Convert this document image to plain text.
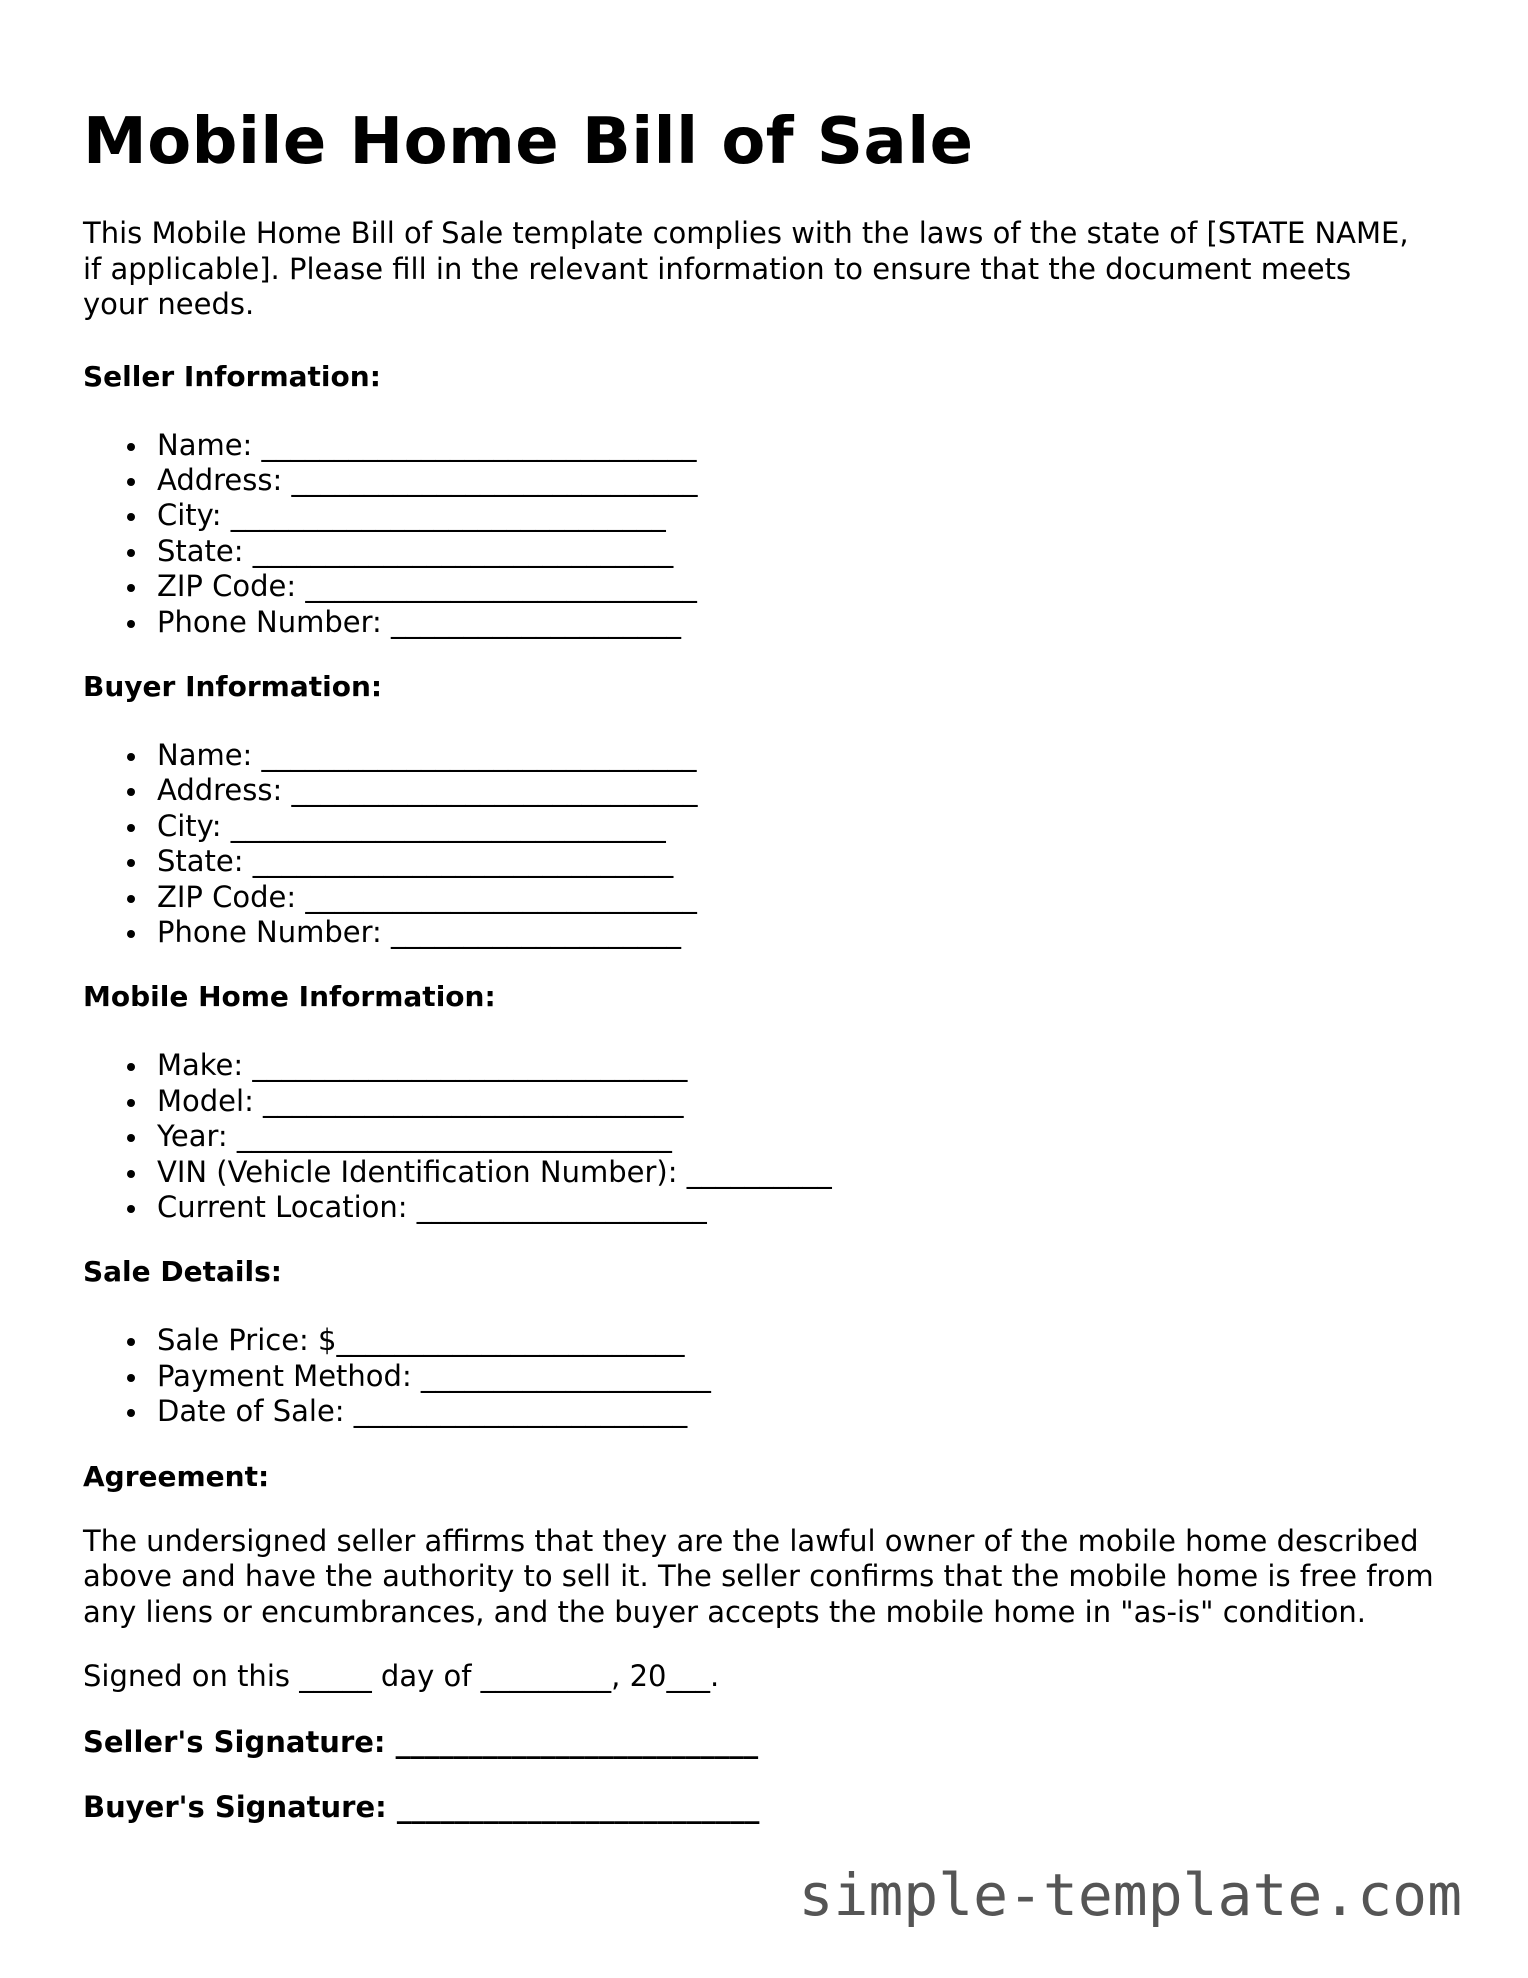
Mobile Home Bill of Sale

This Mobile Home Bill of Sale template complies with the laws of the state of [STATE NAME, if applicable]. Please fill in the relevant information to ensure that the document meets your needs.

Seller Information:
Name: ______________________________
Address: ____________________________
City: ______________________________
State: _____________________________
ZIP Code: ___________________________
Phone Number: ____________________
Buyer Information:
Name: ______________________________
Address: ____________________________
City: ______________________________
State: _____________________________
ZIP Code: ___________________________
Phone Number: ____________________
Mobile Home Information:
Make: ______________________________
Model: _____________________________
Year: ______________________________
VIN (Vehicle Identification Number): __________
Current Location: ____________________
Sale Details:
Sale Price: $________________________
Payment Method: ____________________
Date of Sale: _______________________
Agreement:

The undersigned seller affirms that they are the lawful owner of the mobile home described above and have the authority to sell it. The seller confirms that the mobile home is free from any liens or encumbrances, and the buyer accepts the mobile home in "as-is" condition.

Signed on this _____ day of _________, 20___.

Seller's Signature: _________________________
Buyer's Signature: _________________________
simple-template.com
